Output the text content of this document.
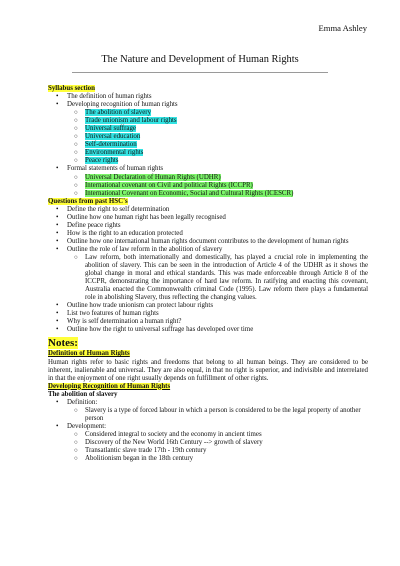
Emma Ashley
The Nature and Development of Human Rights
Syllabus section
• The definition of human rights
• Developing recognition of human rights
○ The abolition of slavery
○ Trade unionism and labour rights
○ Universal suffrage
○ Universal education
○ Self-determination
○ Environmental rights
○ Peace rights
• Formal statements of human rights
○ Universal Declaration of Human Rights (UDHR)
○ International covenant on Civil and political Rights (ICCPR)
○ International Covenant on Economic, Social and Cultural Rights (ICESCR)
Questions from past HSC's
• Define the right to self determination
• Outline how one human right has been legally recognised
• Define peace rights
• How is the right to an education protected
• Outline how one international human rights document contributes to the development of human rights
• Outline the role of law reform in the abolition of slavery
○ Law reform, both internationally and domestically, has played a crucial role in implementing the abolition of slavery. This can be seen in the introduction of Article 4 of the UDHR as it shows the global change in moral and ethical standards. This was made enforceable through Article 8 of the ICCPR, demonstrating the importance of hard law reform. In ratifying and enacting this covenant, Australia enacted the Commonwealth criminal Code (1995). Law reform there plays a fundamental role in abolishing Slavery, thus reflecting the changing values.
• Outline how trade unionism can protect labour rights
• List two features of human rights
• Why is self determination a human right?
• Outline how the right to universal suffrage has developed over time
Notes:
Definition of Human Rights
Human rights refer to basic rights and freedoms that belong to all human beings. They are considered to be inherent, inalienable and universal. They are also equal, in that no right is superior, and indivisible and interrelated in that the enjoyment of one right usually depends on fulfillment of other rights.
Developing Recognition of Human Rights
The abolition of slavery
• Definition:
○ Slavery is a type of forced labour in which a person is considered to be the legal property of another person
• Development:
○ Considered integral to society and the economy in ancient times
○ Discovery of the New World 16th Century --> growth of slavery
○ Transatlantic slave trade 17th - 19th century
○ Abolitionism began in the 18th century
